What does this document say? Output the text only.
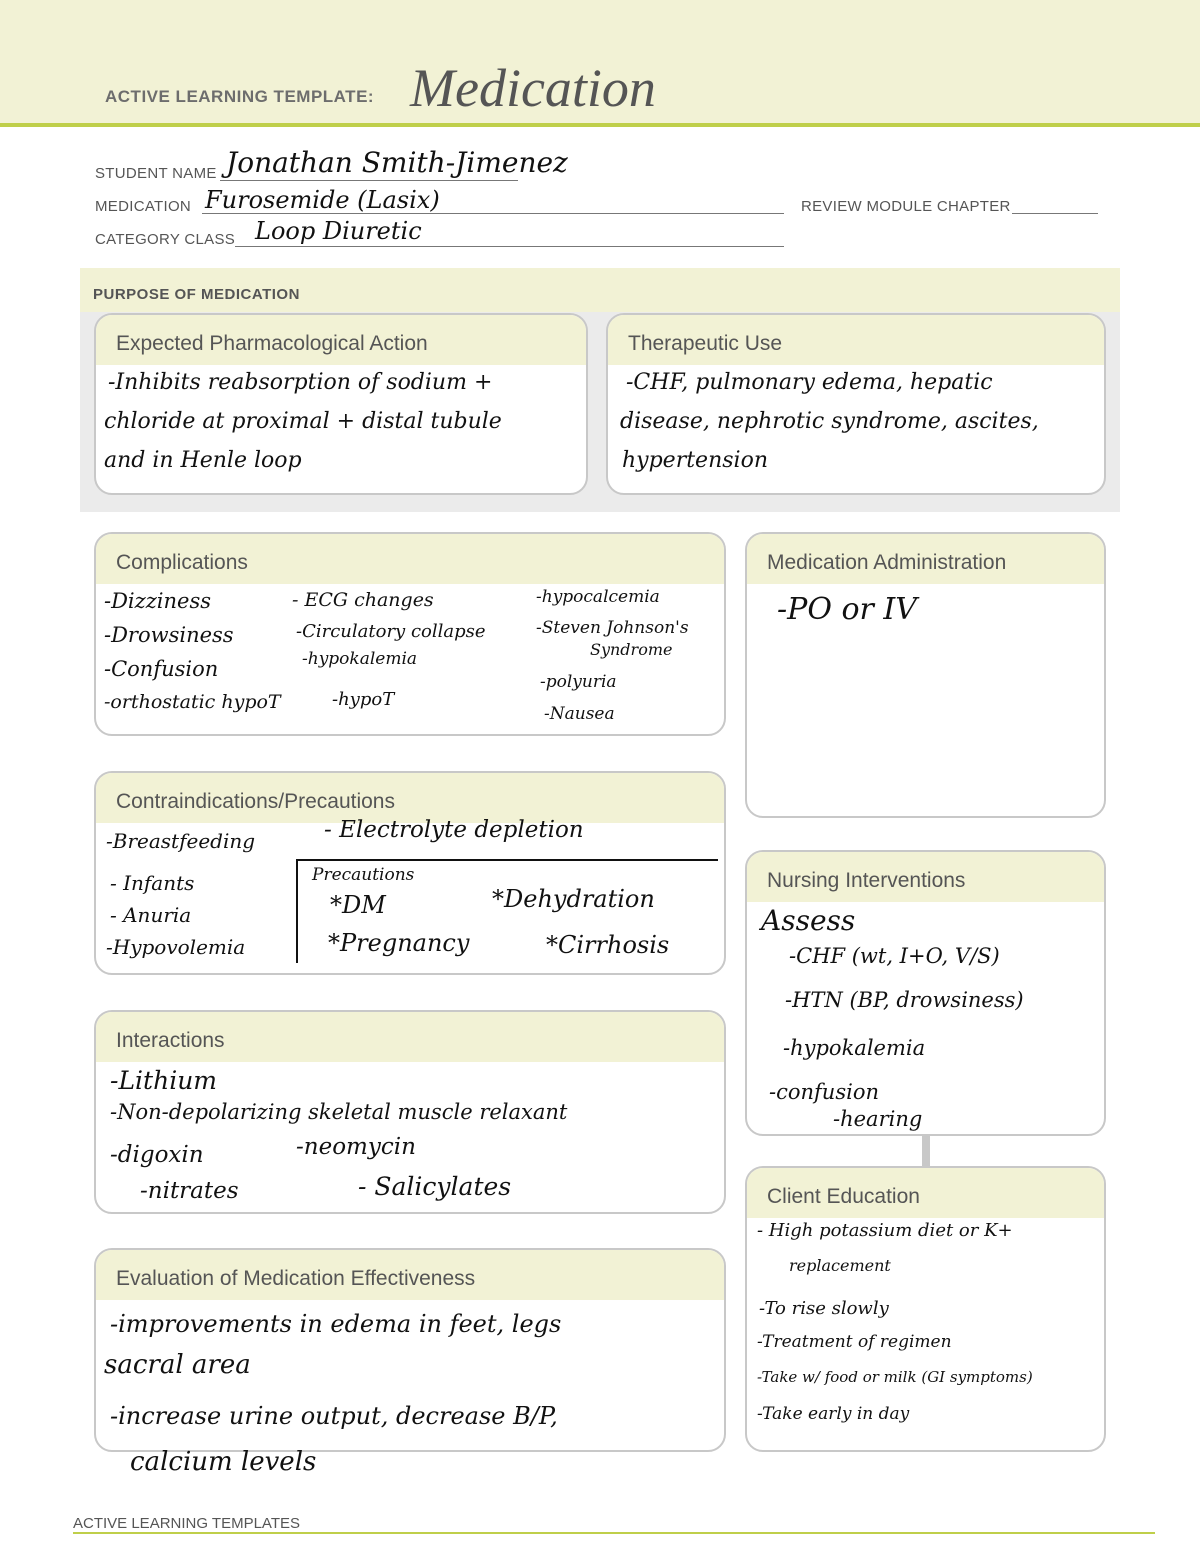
ACTIVE LEARNING TEMPLATE: Medication
STUDENT NAME Jonathan Smith-Jimenez
MEDICATION Furosemide (Lasix)	REVIEW MODULE CHAPTER
CATEGORY CLASS Loop Diuretic
PURPOSE OF MEDICATION
Expected Pharmacological Action
-Inhibits reabsorption of sodium +
chloride at proximal + distal tubule
and in Henle loop
Therapeutic Use
-CHF, pulmonary edema, hepatic
disease, nephrotic syndrome, ascites,
hypertension
Complications
-Dizziness
-Drowsiness
-Confusion
-orthostatic hypoT
- ECG changes
-Circulatory collapse
-hypokalemia
-hypoT
-hypocalcemia
-Steven Johnson's
Syndrome
-polyuria
-Nausea
Medication Administration
-PO or IV
Contraindications/Precautions
-Breastfeeding
- Infants
- Anuria
-Hypovolemia
- Electrolyte depletion
Precautions
*DM	*Dehydration
*Pregnancy	*Cirrhosis
Nursing Interventions
Assess
-CHF (wt, I+O, V/S)
-HTN (BP, drowsiness)
-hypokalemia
-confusion
-hearing
Interactions
-Lithium
-Non-depolarizing skeletal muscle relaxant
-digoxin	-neomycin
-nitrates	- Salicylates	Client Education
- High potassium diet or K+
replacement
-To rise slowly
-Treatment of regimen
-Take w/ food or milk (GI symptoms)
-Take early in day
Evaluation of Medication Effectiveness
-improvements in edema in feet, legs
sacral area
-increase urine output, decrease B/P,
calcium levels
ACTIVE LEARNING TEMPLATES
